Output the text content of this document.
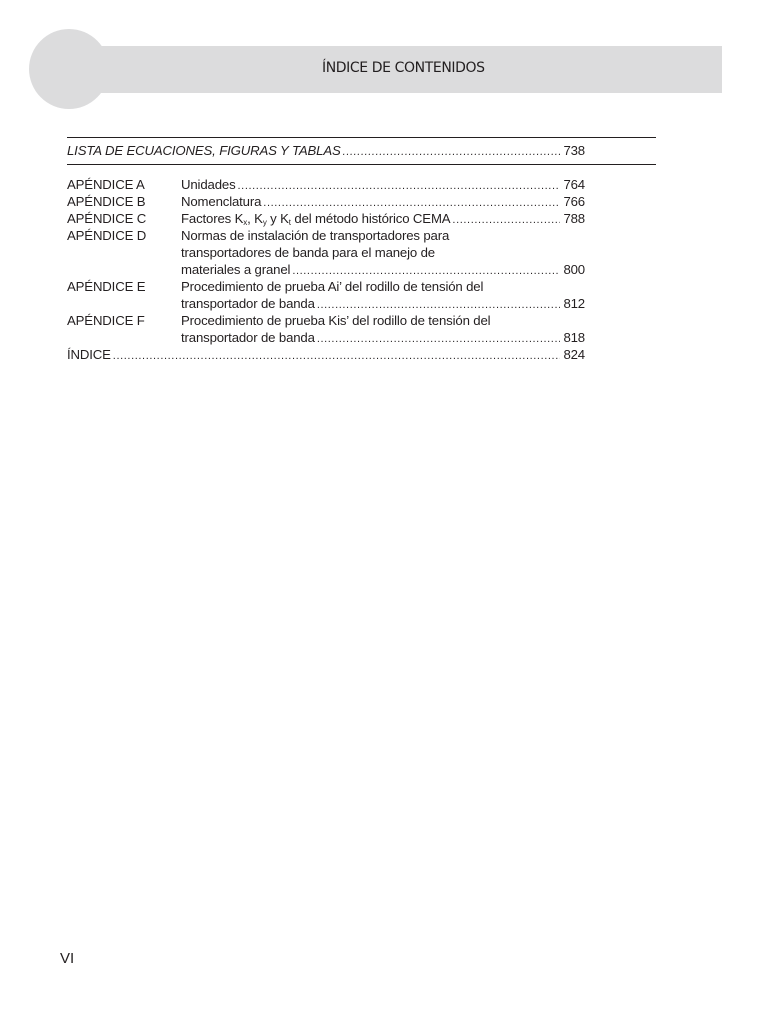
ÍNDICE DE CONTENIDOS
LISTA DE ECUACIONES, FIGURAS Y TABLAS .....	738
APÉNDICE A	Unidades .....	764
APÉNDICE B	Nomenclatura .....	766
APÉNDICE C	Factores $K_x$, $K_y$ y $K_t$ del método histórico CEMA .....	788
APÉNDICE D	Normas de instalación de transportadores para
transportadores de banda para el manejo de
materiales a granel .....	800
APÉNDICE E	Procedimiento de prueba Ai’ del rodillo de tensión del
transportador de banda .....	812
APÉNDICE F	Procedimiento de prueba Kis’ del rodillo de tensión del
transportador de banda .....	818
ÍNDICE .....	824
VI
